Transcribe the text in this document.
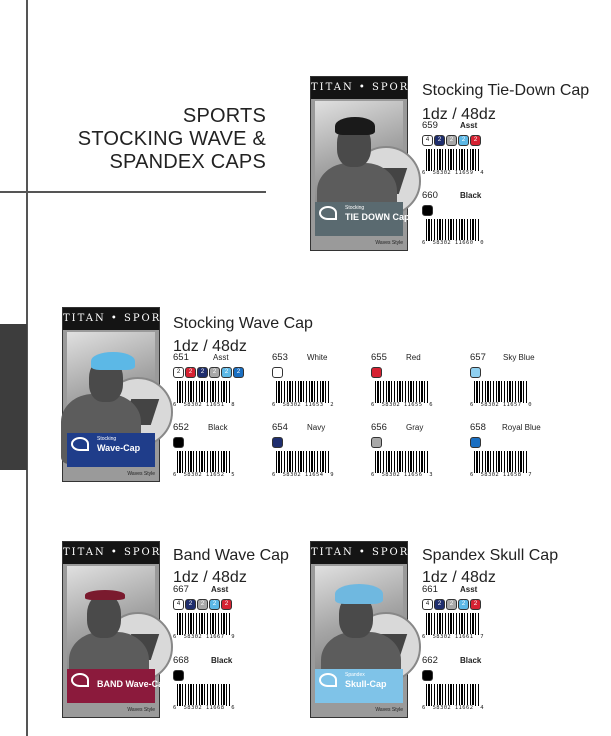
SPORTS
STOCKING WAVE &
SPANDEX CAPS
TITAN • SPORT
Stocking
TIE DOWN Cap
Waves Style
TITAN • SPORT
Stocking
Wave-Cap
Waves Style
TITAN • SPORT
BAND Wave-Cap
Waves Style
TITAN • SPORT
Spandex
Skull-Cap
Waves Style
Stocking Tie-Down Cap
1dz / 48dz
659	Asst
4	2	2	2	2
6 58302 11659 4
660	Black
6 58302 11660 0
Stocking Wave Cap
1dz / 48dz
651	Asst
2	2	2	2	2	2
6 58302 11651 8
653 White
6 58302 11653 2
655 Red
6 58302 11655 6
657 Sky Blue
6 58302 11657 0
652 Black
6 58302 11652 5
654 Navy
6 58302 11654 9
656 Gray
6 58302 11656 3
658 Royal Blue
6 58302 11658 7
Band Wave Cap
1dz / 48dz
667	Asst
4	2	2	2	2
6 58302 11667 9
668	Black
6 58302 11668 6
Spandex Skull Cap
1dz / 48dz
661	Asst
4	2	2	2	2
6 58302 11661 7
662	Black
6 58302 11662 4
